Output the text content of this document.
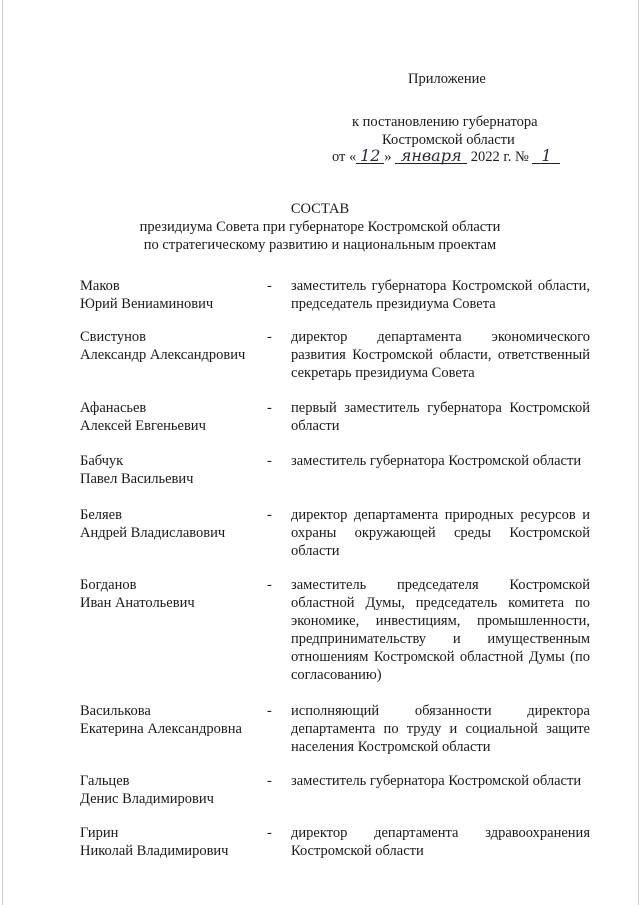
Приложение
к постановлению губернатора
Костромской области
от « 12 » января 2022 г. № 1
СОСТАВ
президиума Совета при губернаторе Костромской области
по стратегическому развитию и национальным проектам
Маков
Юрий Вениаминович
- заместитель губернатора Костромской области, председатель президиума Совета
Свистунов
Александр Александрович
- директор департамента экономического развития Костромской области, ответственный секретарь президиума Совета
Афанасьев
Алексей Евгеньевич
- первый заместитель губернатора Костромской области
Бабчук
Павел Васильевич
- заместитель губернатора Костромской области
Беляев
Андрей Владиславович
- директор департамента природных ресурсов и охраны окружающей среды Костромской области
Богданов
Иван Анатольевич
- заместитель председателя Костромской областной Думы, председатель комитета по экономике, инвестициям, промышленности, предпринимательству и имущественным отношениям Костромской областной Думы (по согласованию)
Василькова
Екатерина Александровна
- исполняющий обязанности директора департамента по труду и социальной защите населения Костромской области
Гальцев
Денис Владимирович
- заместитель губернатора Костромской области
Гирин
Николай Владимирович
- директор департамента здравоохранения Костромской области
